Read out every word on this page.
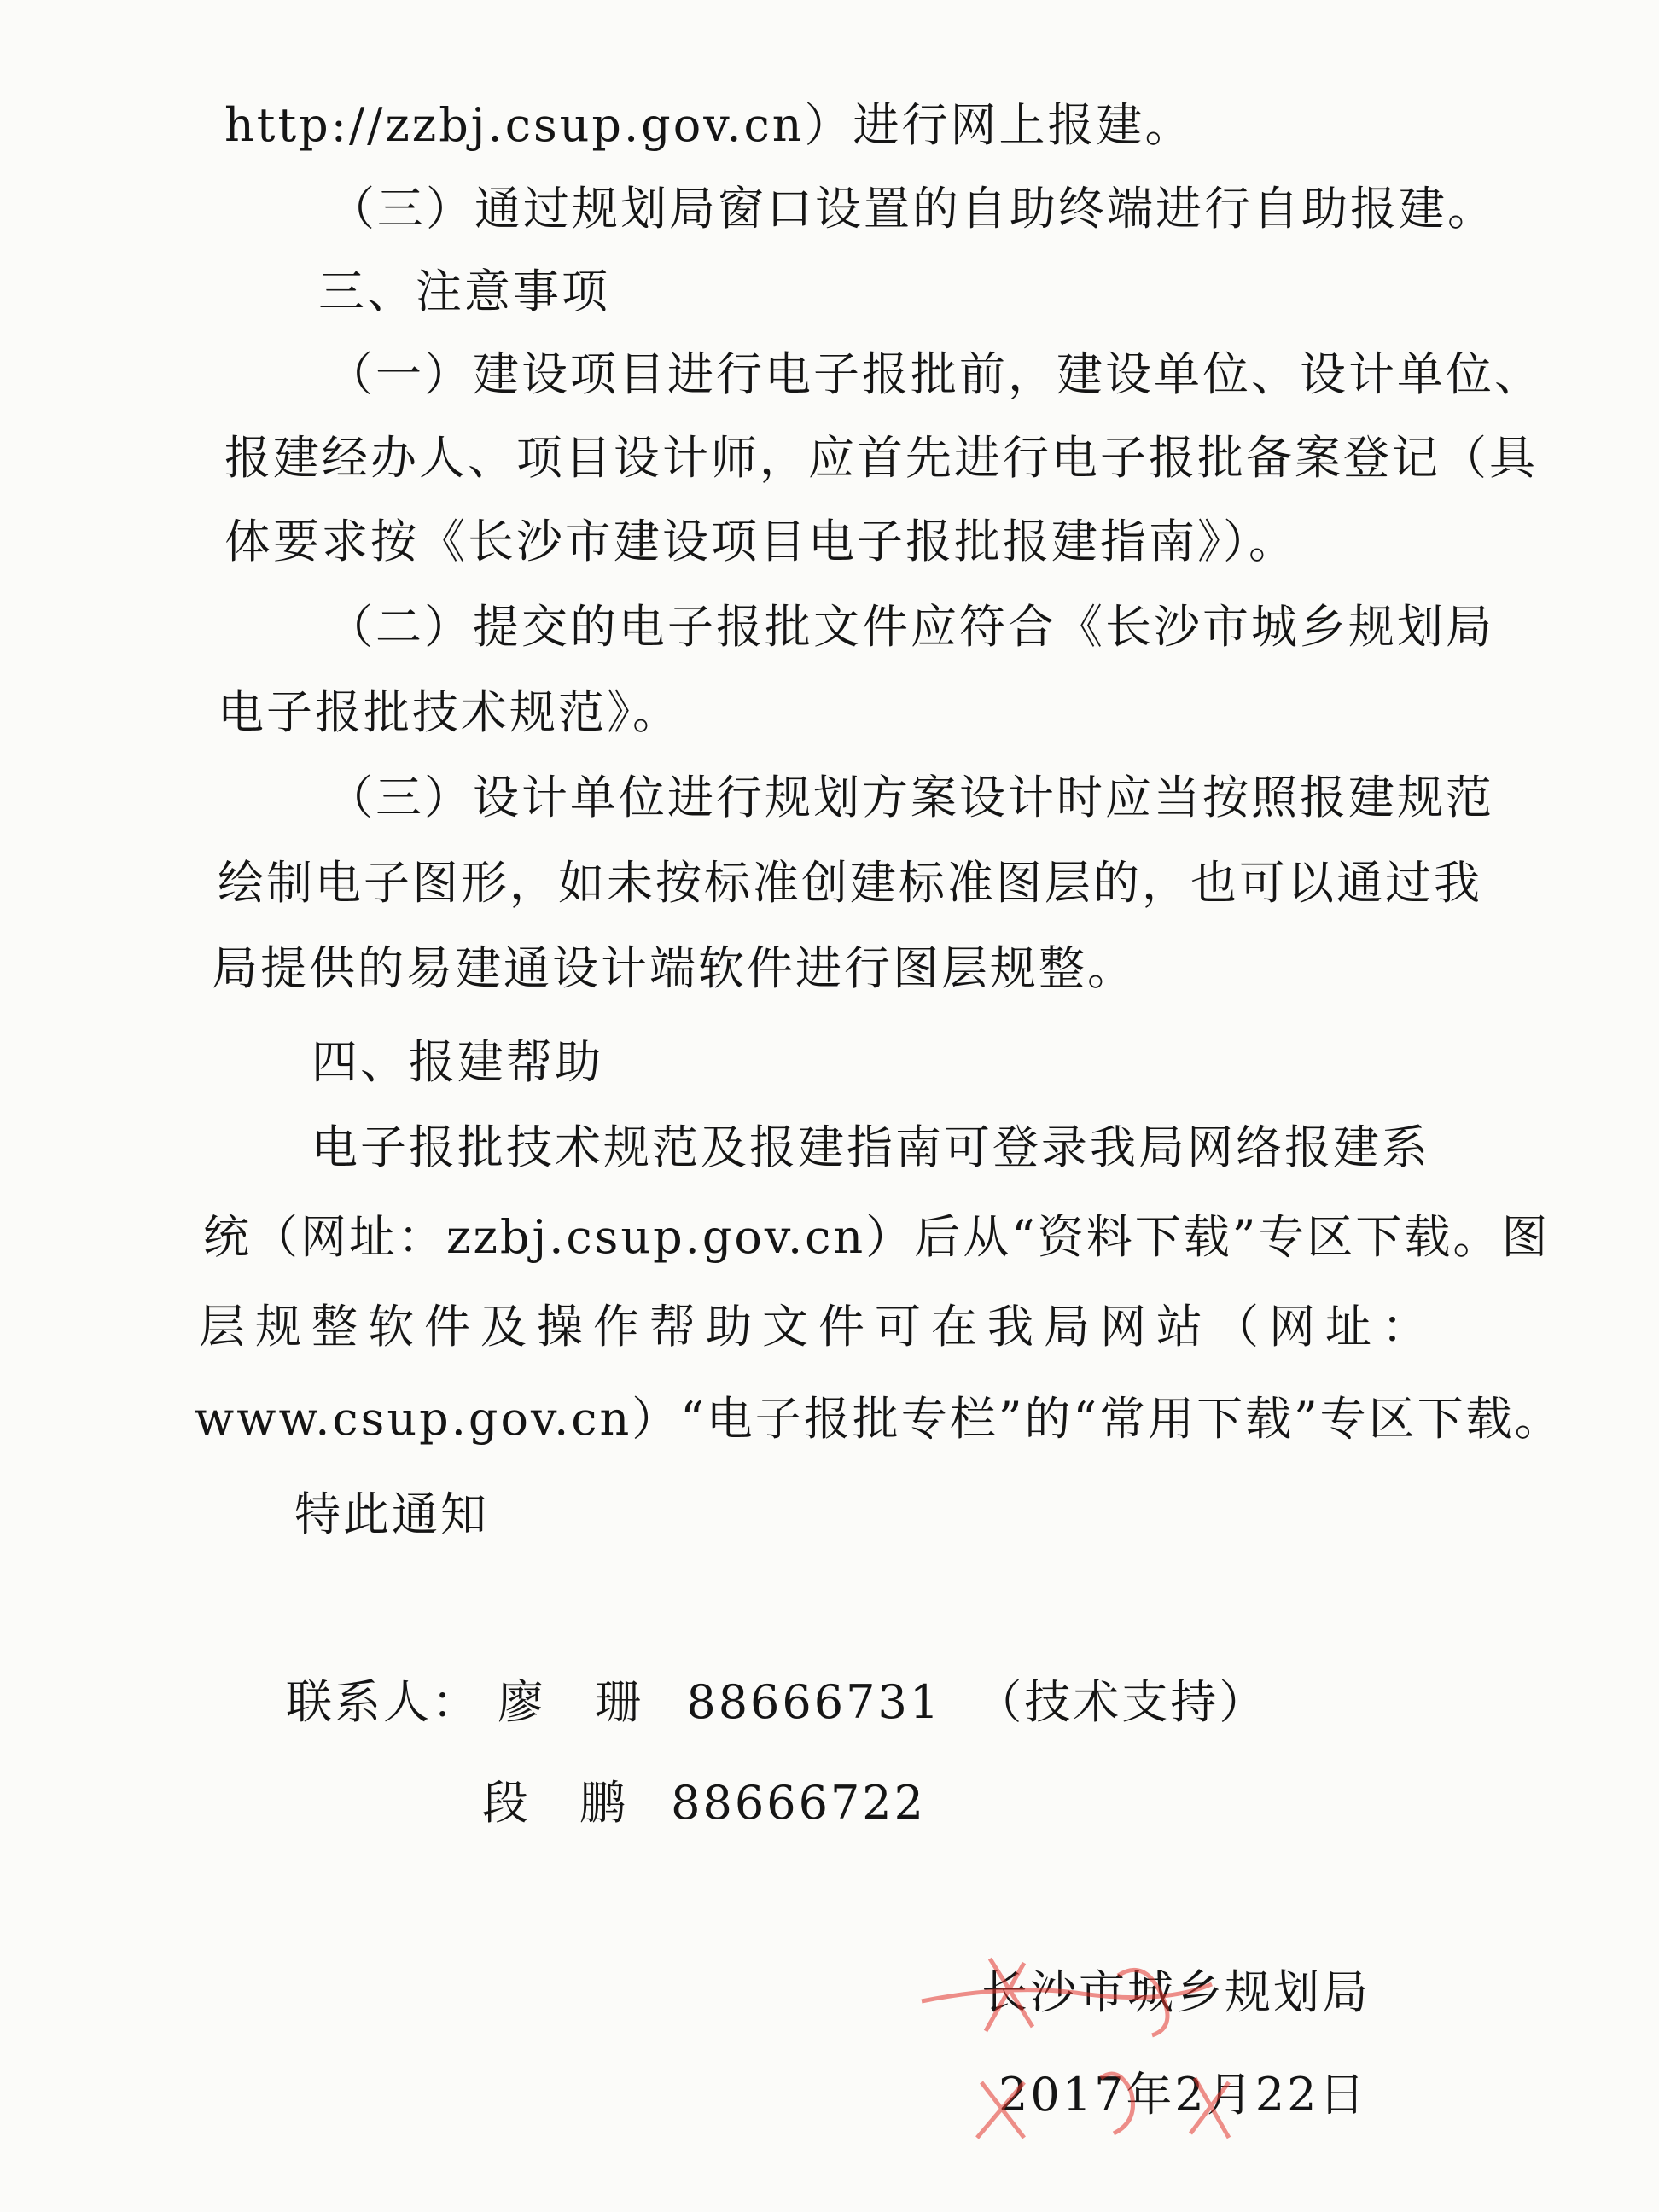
http://zzbj.csup.gov.cn）进行网上报建。
（三）通过规划局窗口设置的自助终端进行自助报建。
三、注意事项
（一）建设项目进行电子报批前，建设单位、设计单位、
报建经办人、项目设计师，应首先进行电子报批备案登记（具
体要求按《长沙市建设项目电子报批报建指南》）。
（二）提交的电子报批文件应符合《长沙市城乡规划局
电子报批技术规范》。
（三）设计单位进行规划方案设计时应当按照报建规范
绘制电子图形，如未按标准创建标准图层的，也可以通过我
局提供的易建通设计端软件进行图层规整。
四、报建帮助
电子报批技术规范及报建指南可登录我局网络报建系
统（网址：zzbj.csup.gov.cn）后从“资料下载”专区下载。图
层规整软件及操作帮助文件可在我局网站（网址：
www.csup.gov.cn）“电子报批专栏”的“常用下载”专区下载。
特此通知
联系人： 廖　珊 88666731 （技术支持）
段　鹏 88666722
长沙市城乡规划局
2017年2月22日
